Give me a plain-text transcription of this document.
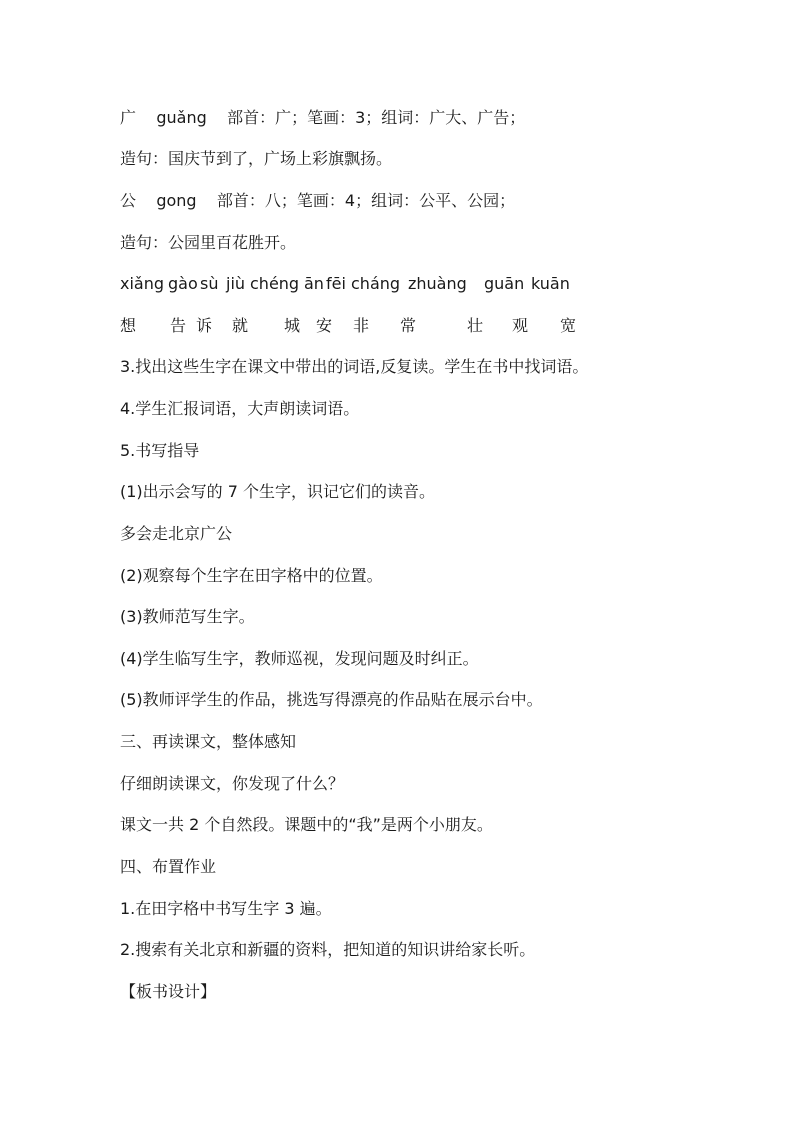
广    guǎng    部首：广；笔画：3；组词：广大、广告；
造句：国庆节到了，广场上彩旗飘扬。
公    gong    部首：八；笔画：4；组词：公平、公园；
造句：公园里百花胜开。
xiǎng gào sù jiù chéng ān fēi cháng zhuàng guān kuān
想 告 诉 就 城 安 非 常	壮 观 宽
3.找出这些生字在课文中带出的词语,反复读。学生在书中找词语。
4.学生汇报词语，大声朗读词语。
5.书写指导
(1)出示会写的 7 个生字，识记它们的读音。
多会走北京广公
(2)观察每个生字在田字格中的位置。
(3)教师范写生字。
(4)学生临写生字，教师巡视，发现问题及时纠正。
(5)教师评学生的作品，挑选写得漂亮的作品贴在展示台中。
三、再读课文，整体感知
仔细朗读课文，你发现了什么？
课文一共 2 个自然段。课题中的“我”是两个小朋友。
四、布置作业
1.在田字格中书写生字 3 遍。
2.搜索有关北京和新疆的资料，把知道的知识讲给家长听。
【板书设计】
